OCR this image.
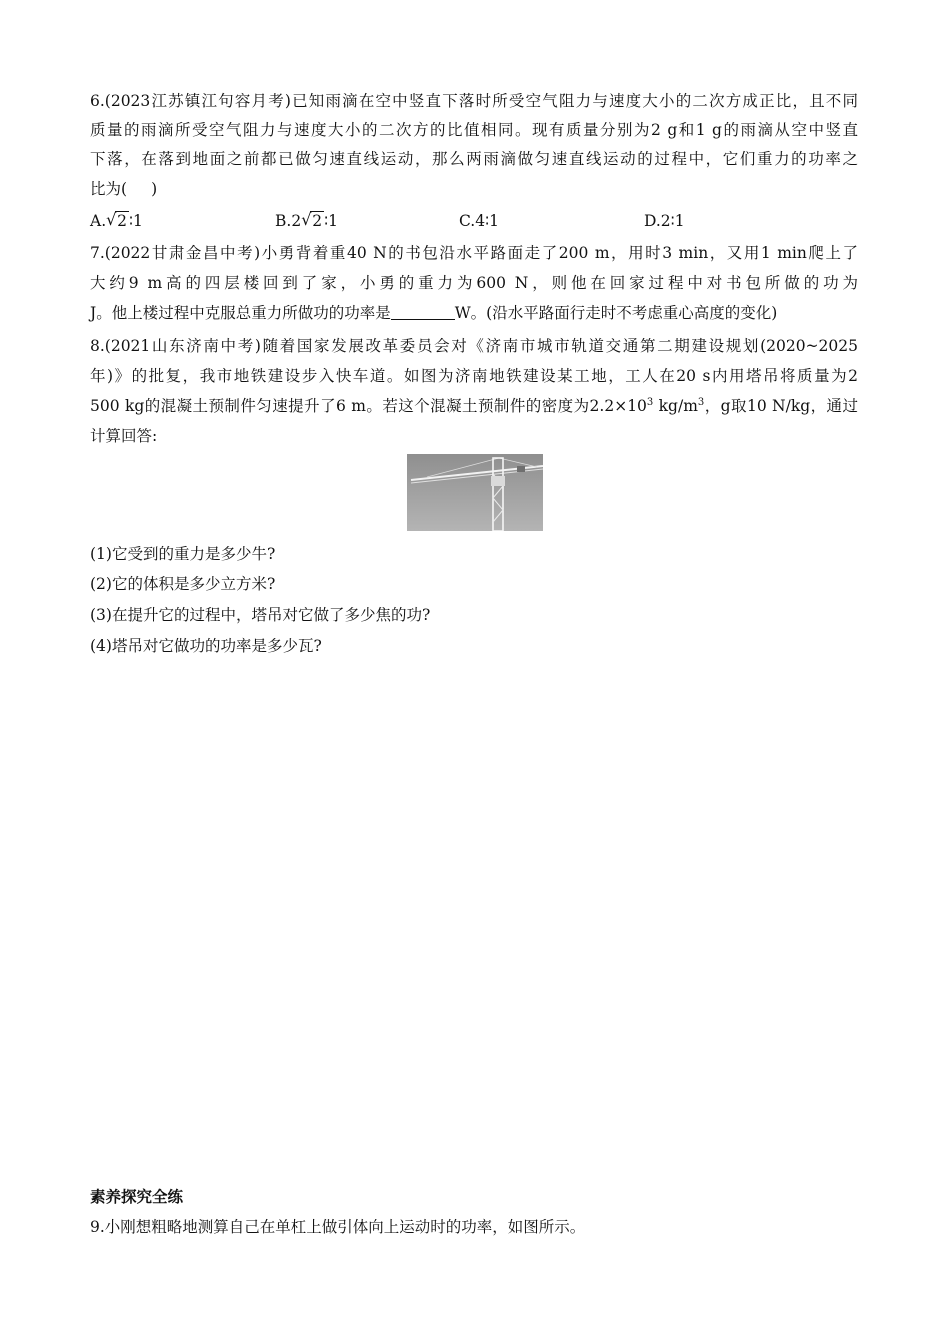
6.(2023江苏镇江句容月考)已知雨滴在空中竖直下落时所受空气阻力与速度大小的二次方成正比，且不同
质量的雨滴所受空气阻力与速度大小的二次方的比值相同。现有质量分别为2 g和1 g的雨滴从空中竖直
下落，在落到地面之前都已做匀速直线运动，那么两雨滴做匀速直线运动的过程中，它们重力的功率之
比为( )
A. √ 2 ∶1	B.2 √ 2 ∶1	C.4∶1	D.2∶1
7.(2022甘肃金昌中考)小勇背着重40 N的书包沿水平路面走了200 m，用时3 min，又用1 min爬上了
大约9 m高的四层楼回到了家，小勇的重力为600 N，则他在回家过程中对书包所做的功为
J。他上楼过程中克服总重力所做功的功率是	W。(沿水平路面行走时不考虑重心高度的变化)
8.(2021山东济南中考)随着国家发展改革委员会对《济南市城市轨道交通第二期建设规划(2020~2025
年)》的批复，我市地铁建设步入快车道。如图为济南地铁建设某工地，工人在20 s内用塔吊将质量为2
500 kg的混凝土预制件匀速提升了6 m。若这个混凝土预制件的密度为$2.2\times 10^3$ $kg/m^3$，g取10 N/kg，通过
计算回答:
(1)它受到的重力是多少牛?
(2)它的体积是多少立方米?
(3)在提升它的过程中，塔吊对它做了多少焦的功?
(4)塔吊对它做功的功率是多少瓦?
素养探究全练
9.小刚想粗略地测算自己在单杠上做引体向上运动时的功率，如图所示。
